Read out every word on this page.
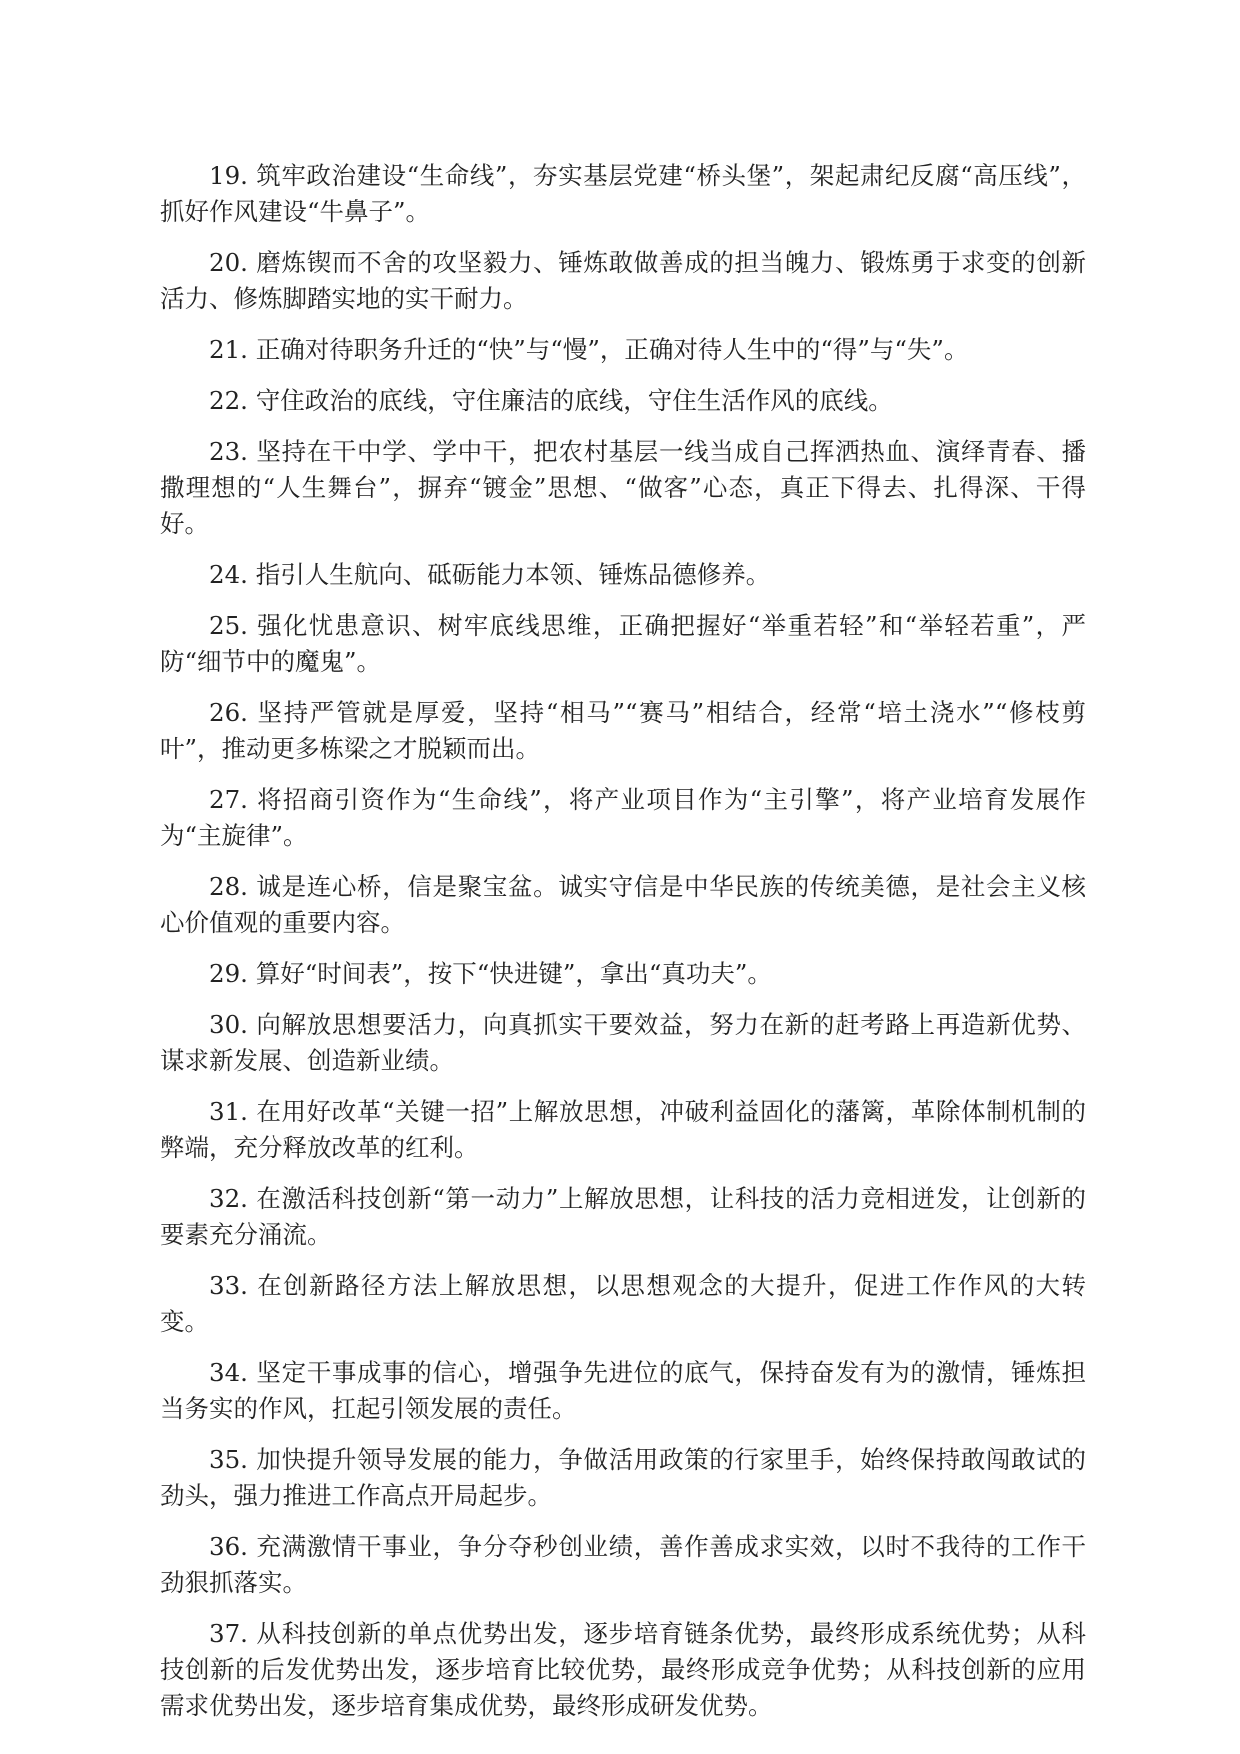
19. 筑牢政治建设“生命线”，夯实基层党建“桥头堡”，架起肃纪反腐“高压线”，抓好作风建设“牛鼻子”。

20. 磨炼锲而不舍的攻坚毅力、锤炼敢做善成的担当魄力、锻炼勇于求变的创新活力、修炼脚踏实地的实干耐力。

21. 正确对待职务升迁的“快”与“慢”，正确对待人生中的“得”与“失”。

22. 守住政治的底线，守住廉洁的底线，守住生活作风的底线。

23. 坚持在干中学、学中干，把农村基层一线当成自己挥洒热血、演绎青春、播撒理想的“人生舞台”，摒弃“镀金”思想、“做客”心态，真正下得去、扎得深、干得好。

24. 指引人生航向、砥砺能力本领、锤炼品德修养。

25. 强化忧患意识、树牢底线思维，正确把握好“举重若轻”和“举轻若重”，严防“细节中的魔鬼”。

26. 坚持严管就是厚爱，坚持“相马”“赛马”相结合，经常“培土浇水”“修枝剪叶”，推动更多栋梁之才脱颖而出。

27. 将招商引资作为“生命线”，将产业项目作为“主引擎”，将产业培育发展作为“主旋律”。

28. 诚是连心桥，信是聚宝盆。诚实守信是中华民族的传统美德，是社会主义核心价值观的重要内容。

29. 算好“时间表”，按下“快进键”，拿出“真功夫”。

30. 向解放思想要活力，向真抓实干要效益，努力在新的赶考路上再造新优势、谋求新发展、创造新业绩。

31. 在用好改革“关键一招”上解放思想，冲破利益固化的藩篱，革除体制机制的弊端，充分释放改革的红利。

32. 在激活科技创新“第一动力”上解放思想，让科技的活力竞相迸发，让创新的要素充分涌流。

33. 在创新路径方法上解放思想，以思想观念的大提升，促进工作作风的大转变。

34. 坚定干事成事的信心，增强争先进位的底气，保持奋发有为的激情，锤炼担当务实的作风，扛起引领发展的责任。

35. 加快提升领导发展的能力，争做活用政策的行家里手，始终保持敢闯敢试的劲头，强力推进工作高点开局起步。

36. 充满激情干事业，争分夺秒创业绩，善作善成求实效，以时不我待的工作干劲狠抓落实。

37. 从科技创新的单点优势出发，逐步培育链条优势，最终形成系统优势；从科技创新的后发优势出发，逐步培育比较优势，最终形成竞争优势；从科技创新的应用需求优势出发，逐步培育集成优势，最终形成研发优势。
